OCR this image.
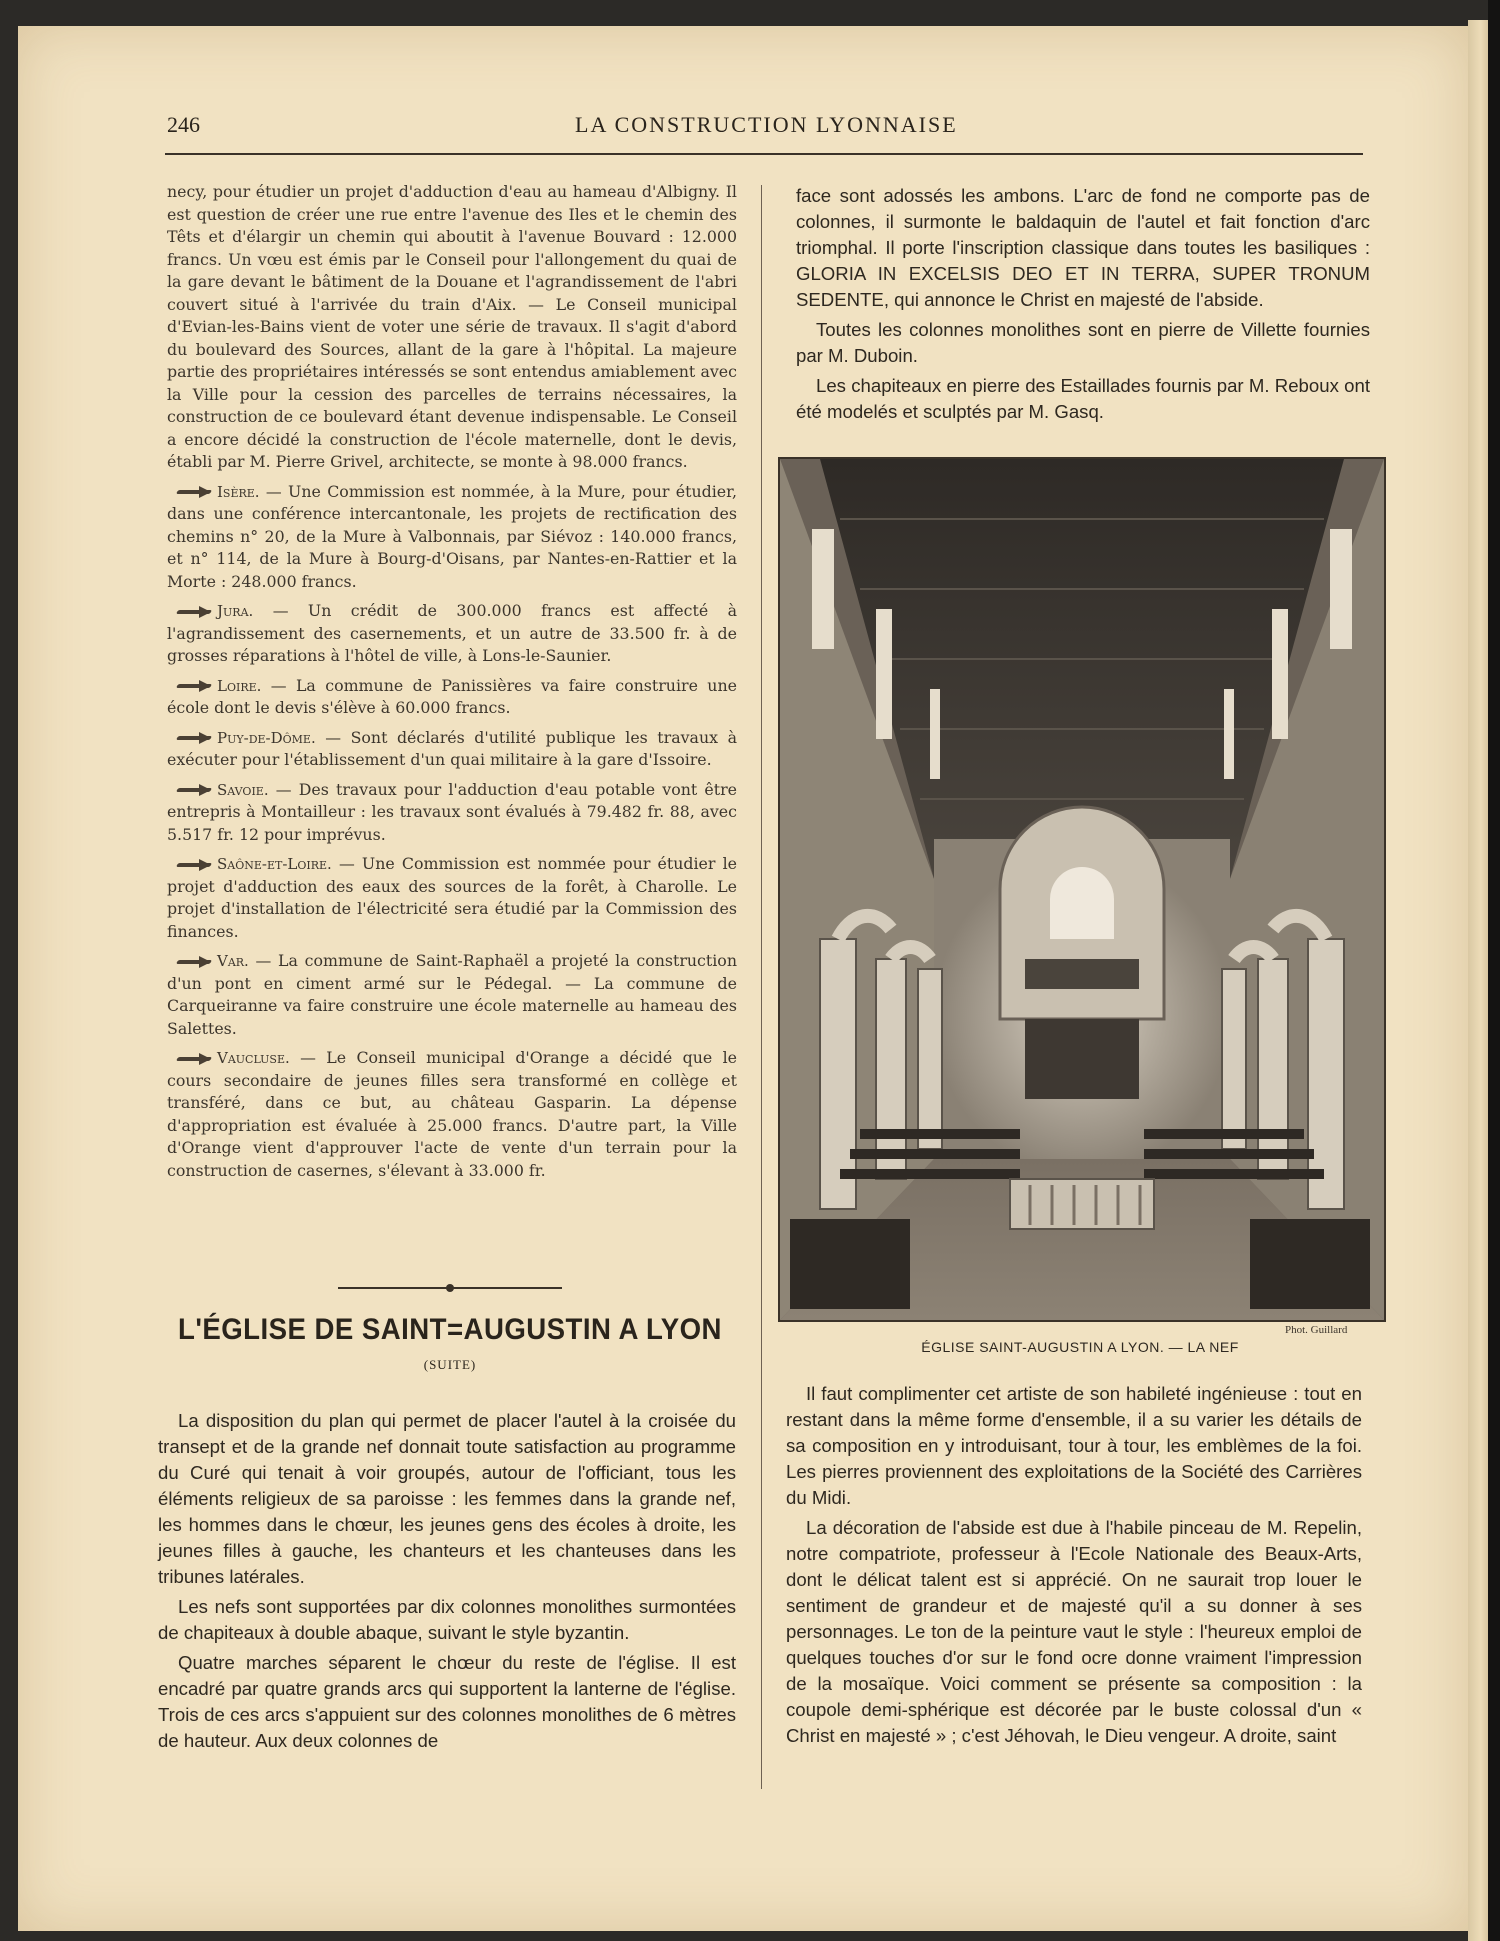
246	LA CONSTRUCTION LYONNAISE

necy, pour étudier un projet d'adduction d'eau au hameau d'Albigny. Il est question de créer une rue entre l'avenue des Iles et le chemin des Têts et d'élargir un chemin qui aboutit à l'avenue Bouvard : 12.000 francs. Un vœu est émis par le Conseil pour l'allongement du quai de la gare devant le bâtiment de la Douane et l'agrandissement de l'abri couvert situé à l'arrivée du train d'Aix. — Le Conseil municipal d'Evian-les-Bains vient de voter une série de travaux. Il s'agit d'abord du boulevard des Sources, allant de la gare à l'hôpital. La majeure partie des propriétaires intéressés se sont entendus amiablement avec la Ville pour la cession des parcelles de terrains nécessaires, la construction de ce boulevard étant devenue indispensable. Le Conseil a encore décidé la construction de l'école maternelle, dont le devis, établi par M. Pierre Grivel, architecte, se monte à 98.000 francs.

Isère. — Une Commission est nommée, à la Mure, pour étudier, dans une conférence intercantonale, les projets de rectification des chemins n° 20, de la Mure à Valbonnais, par Siévoz : 140.000 francs, et n° 114, de la Mure à Bourg-d'Oisans, par Nantes-en-Rattier et la Morte : 248.000 francs.

Jura. — Un crédit de 300.000 francs est affecté à l'agrandissement des casernements, et un autre de 33.500 fr. à de grosses réparations à l'hôtel de ville, à Lons-le-Saunier.

Loire. — La commune de Panissières va faire construire une école dont le devis s'élève à 60.000 francs.

Puy-de-Dôme. — Sont déclarés d'utilité publique les travaux à exécuter pour l'établissement d'un quai militaire à la gare d'Issoire.

Savoie. — Des travaux pour l'adduction d'eau potable vont être entrepris à Montailleur : les travaux sont évalués à 79.482 fr. 88, avec 5.517 fr. 12 pour imprévus.

Saône-et-Loire. — Une Commission est nommée pour étudier le projet d'adduction des eaux des sources de la forêt, à Charolle. Le projet d'installation de l'électricité sera étudié par la Commission des finances.

Var. — La commune de Saint-Raphaël a projeté la construction d'un pont en ciment armé sur le Pédegal. — La commune de Carqueiranne va faire construire une école maternelle au hameau des Salettes.

Vaucluse. — Le Conseil municipal d'Orange a décidé que le cours secondaire de jeunes filles sera transformé en collège et transféré, dans ce but, au château Gasparin. La dépense d'appropriation est évaluée à 25.000 francs. D'autre part, la Ville d'Orange vient d'approuver l'acte de vente d'un terrain pour la construction de casernes, s'élevant à 33.000 fr.

L'ÉGLISE DE SAINT=AUGUSTIN A LYON
(SUITE)

La disposition du plan qui permet de placer l'autel à la croisée du transept et de la grande nef donnait toute satisfaction au programme du Curé qui tenait à voir groupés, autour de l'officiant, tous les éléments religieux de sa paroisse : les femmes dans la grande nef, les hommes dans le chœur, les jeunes gens des écoles à droite, les jeunes filles à gauche, les chanteurs et les chanteuses dans les tribunes latérales.

Les nefs sont supportées par dix colonnes monolithes surmontées de chapiteaux à double abaque, suivant le style byzantin.

Quatre marches séparent le chœur du reste de l'église. Il est encadré par quatre grands arcs qui supportent la lanterne de l'église. Trois de ces arcs s'appuient sur des colonnes monolithes de 6 mètres de hauteur. Aux deux colonnes de

face sont adossés les ambons. L'arc de fond ne comporte pas de colonnes, il surmonte le baldaquin de l'autel et fait fonction d'arc triomphal. Il porte l'inscription classique dans toutes les basiliques : GLORIA IN EXCELSIS DEO ET IN TERRA, SUPER TRONUM SEDENTE, qui annonce le Christ en majesté de l'abside.

Toutes les colonnes monolithes sont en pierre de Villette fournies par M. Duboin.

Les chapiteaux en pierre des Estaillades fournis par M. Reboux ont été modelés et sculptés par M. Gasq.

Phot. Guillard
ÉGLISE SAINT-AUGUSTIN A LYON. — LA NEF

Il faut complimenter cet artiste de son habileté ingénieuse : tout en restant dans la même forme d'ensemble, il a su varier les détails de sa composition en y introduisant, tour à tour, les emblèmes de la foi. Les pierres proviennent des exploitations de la Société des Carrières du Midi.

La décoration de l'abside est due à l'habile pinceau de M. Repelin, notre compatriote, professeur à l'Ecole Nationale des Beaux-Arts, dont le délicat talent est si apprécié. On ne saurait trop louer le sentiment de grandeur et de majesté qu'il a su donner à ses personnages. Le ton de la peinture vaut le style : l'heureux emploi de quelques touches d'or sur le fond ocre donne vraiment l'impression de la mosaïque. Voici comment se présente sa composition : la coupole demi-sphérique est décorée par le buste colossal d'un « Christ en majesté » ; c'est Jéhovah, le Dieu vengeur. A droite, saint
